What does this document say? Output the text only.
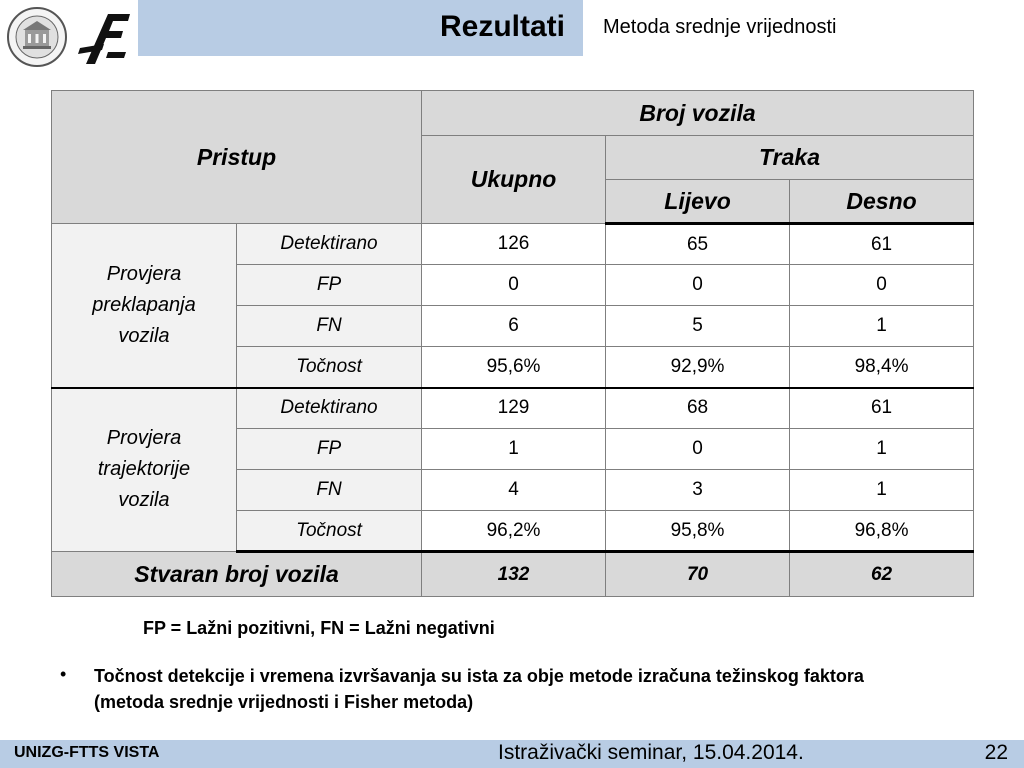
Rezultati Metoda srednje vrijednosti
Pristup		Broj vozila		
		Ukupno	Traka	
			Lijevo	Desno
Provjera
preklapanja
vozila	Detektirano	126	65	61
	FP	0	0	0
	FN	6	5	1
	Točnost	95,6%	92,9%	98,4%
Provjera
trajektorije
vozila	Detektirano	129	68	61
	FP	1	0	1
	FN	4	3	1
	Točnost	96,2%	95,8%	96,8%
Stvaran broj vozila		132	70	62
FP = Lažni pozitivni, FN = Lažni negativni
• Točnost detekcije i vremena izvršavanja su ista za obje metode izračuna težinskog faktora (metoda srednje vrijednosti i Fisher metoda)
UNIZG-FTTS VISTA	Istraživački seminar, 15.04.2014.	22
